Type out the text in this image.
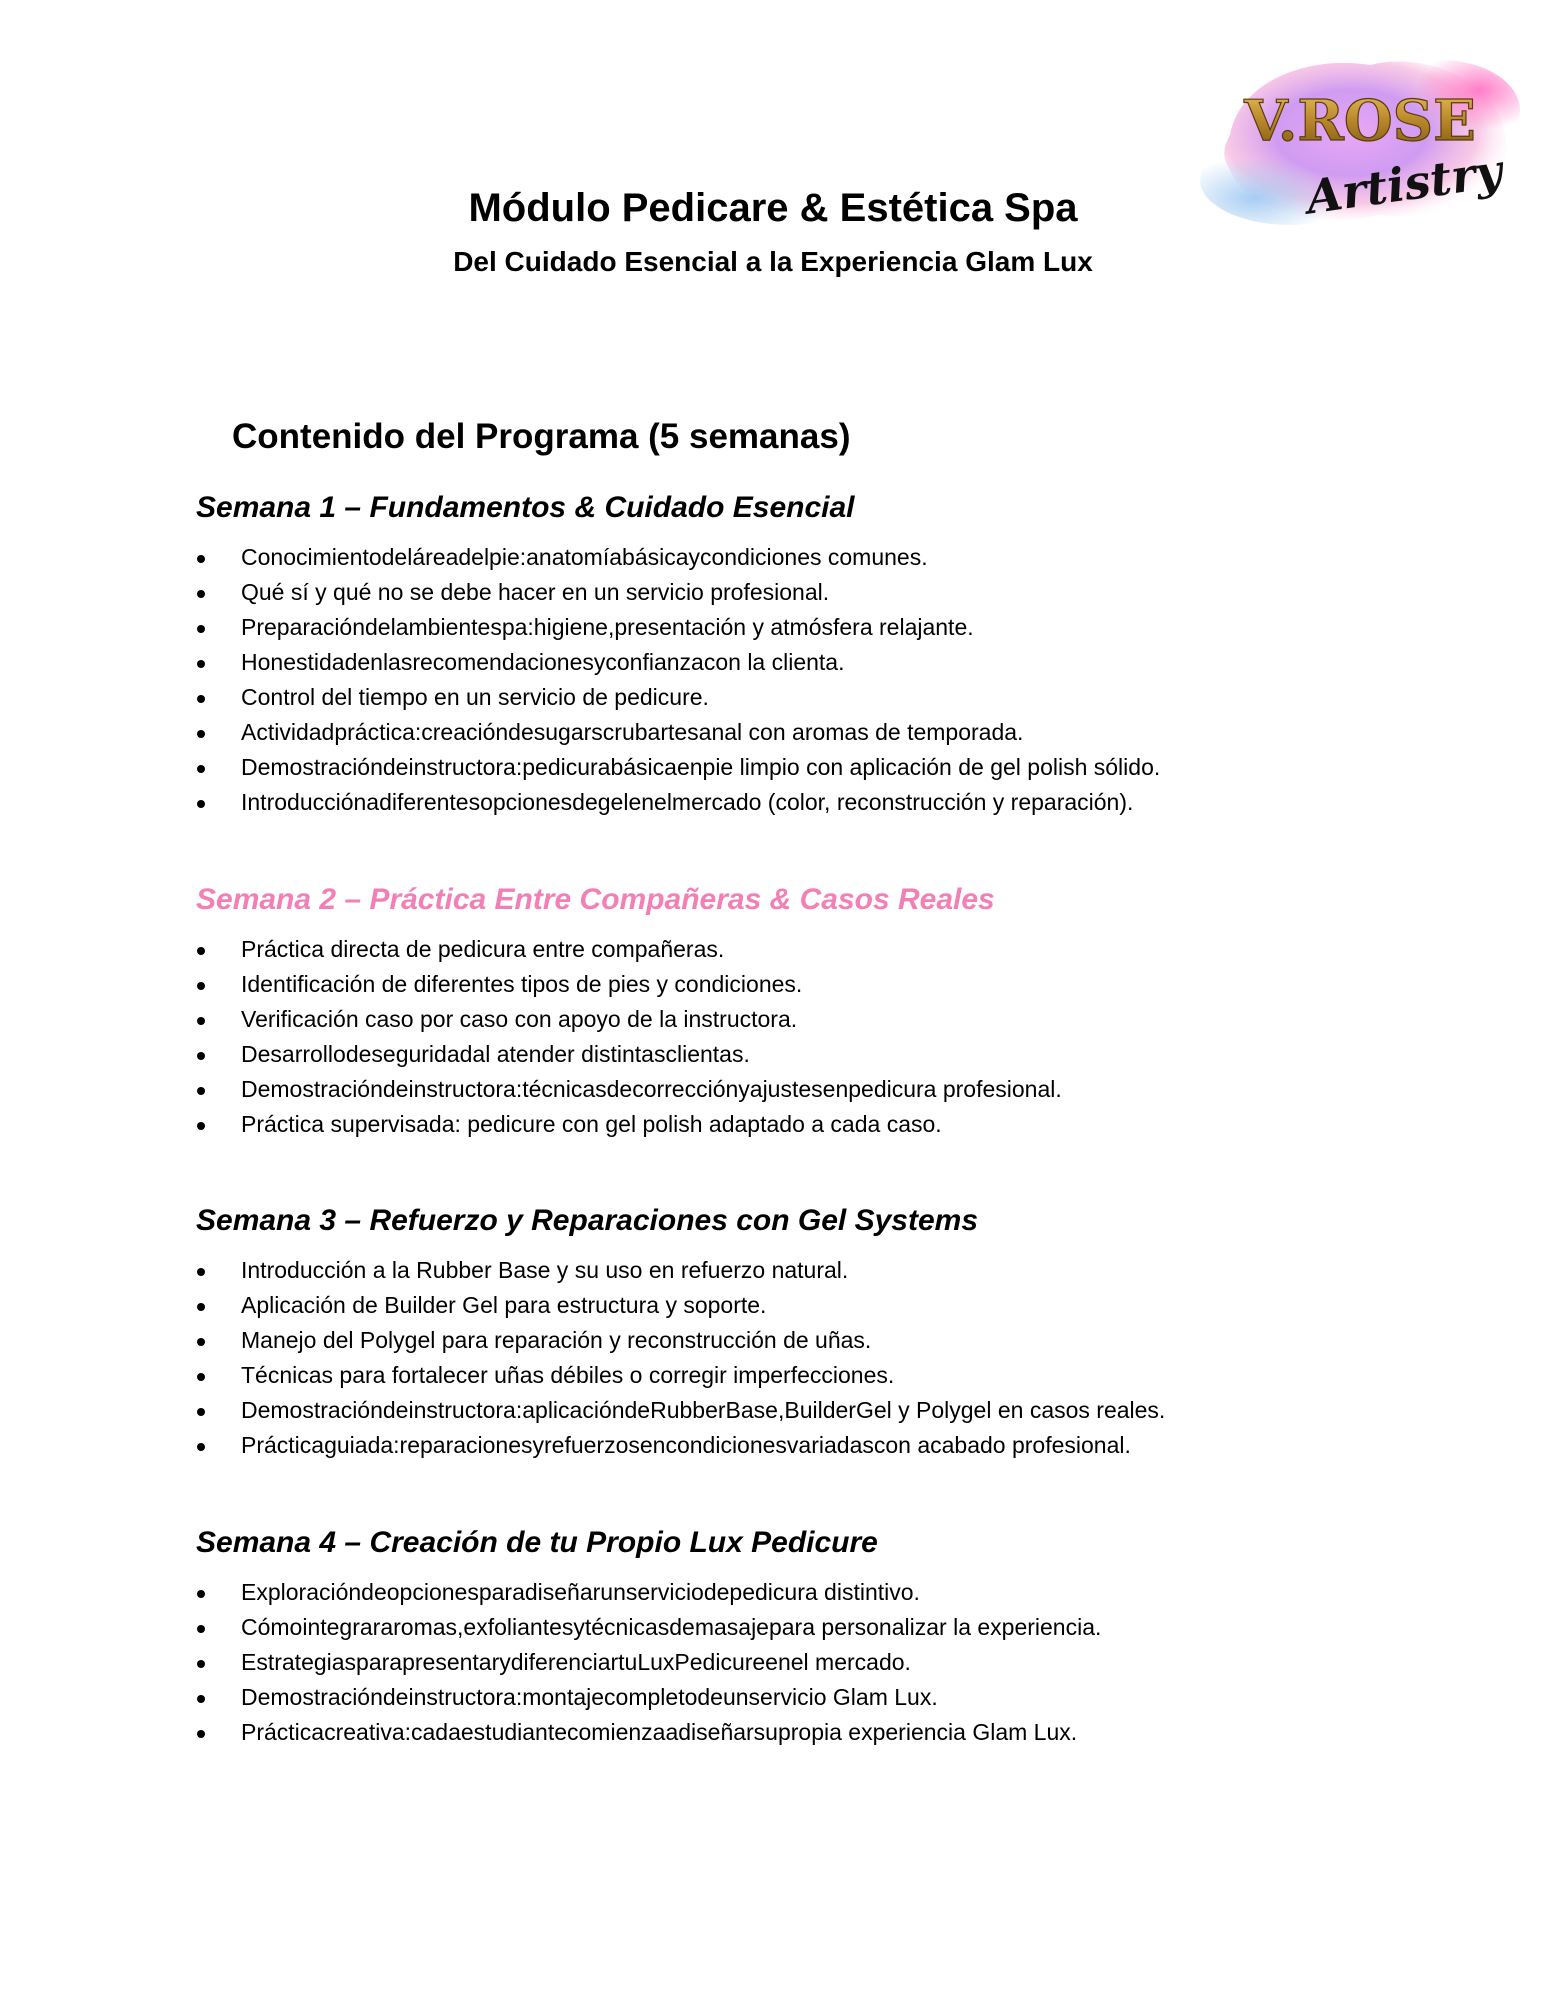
V.ROSE
Artistry
Módulo Pedicare & Estética Spa
Del Cuidado Esencial a la Experiencia Glam Lux
Contenido del Programa (5 semanas)
Semana 1 – Fundamentos & Cuidado Esencial
Conocimientodeláreadelpie:anatomíabásicaycondiciones comunes.
Qué sí y qué no se debe hacer en un servicio profesional.
Preparacióndelambientespa:higiene,presentación y atmósfera relajante.
Honestidadenlasrecomendacionesyconfianzacon la clienta.
Control del tiempo en un servicio de pedicure.
Actividadpráctica:creacióndesugarscrubartesanal con aromas de temporada.
Demostracióndeinstructora:pedicurabásicaenpie limpio con aplicación de gel polish sólido.
Introducciónadiferentesopcionesdegelenelmercado (color, reconstrucción y reparación).
Semana 2 – Práctica Entre Compañeras & Casos Reales
Práctica directa de pedicura entre compañeras.
Identificación de diferentes tipos de pies y condiciones.
Verificación caso por caso con apoyo de la instructora.
Desarrollodeseguridadal atender distintasclientas.
Demostracióndeinstructora:técnicasdecorrecciónyajustesenpedicura profesional.
Práctica supervisada: pedicure con gel polish adaptado a cada caso.
Semana 3 – Refuerzo y Reparaciones con Gel Systems
Introducción a la Rubber Base y su uso en refuerzo natural.
Aplicación de Builder Gel para estructura y soporte.
Manejo del Polygel para reparación y reconstrucción de uñas.
Técnicas para fortalecer uñas débiles o corregir imperfecciones.
Demostracióndeinstructora:aplicacióndeRubberBase,BuilderGel y Polygel en casos reales.
Prácticaguiada:reparacionesyrefuerzosencondicionesvariadascon acabado profesional.
Semana 4 – Creación de tu Propio Lux Pedicure
Exploracióndeopcionesparadiseñarunserviciodepedicura distintivo.
Cómointegrararomas,exfoliantesytécnicasdemasajepara personalizar la experiencia.
EstrategiasparapresentarydiferenciartuLuxPedicureenel mercado.
Demostracióndeinstructora:montajecompletodeunservicio Glam Lux.
Prácticacreativa:cadaestudiantecomienzaadiseñarsupropia experiencia Glam Lux.
